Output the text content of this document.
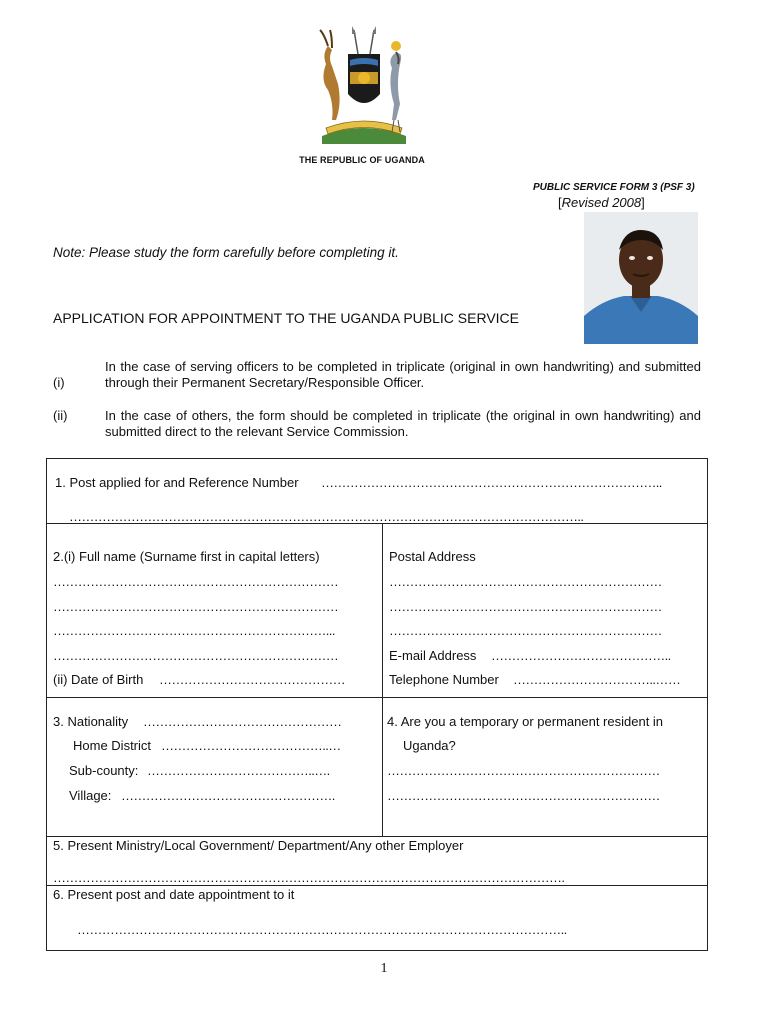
THE REPUBLIC OF UGANDA
PUBLIC SERVICE FORM 3 (PSF 3)
[Revised 2008]
Note: Please study the form carefully before completing it.
APPLICATION FOR APPOINTMENT TO THE UGANDA PUBLIC SERVICE
(i)
In the case of serving officers to be completed in triplicate (original in own handwriting) and submitted through their Permanent Secretary/Responsible Officer.
(ii)	In the case of others, the form should be completed in triplicate (the original in own handwriting) and submitted direct to the relevant Service Commission.
1. Post applied for and Reference Number ………………………………………………………………………..
……………………………………………………………………………………………………………..
2.(i) Full name (Surname first in capital letters)
……………………………………………………………
……………………………………………………………
…………………………………………………………...
……………………………………………………………
(ii) Date of Birth ………………………………………
Postal Address
…………………………………………………………
…………………………………………………………
…………………………………………………………
E-mail Address ……………………………………..
Telephone Number ……………………………..……
3. Nationality …………………………………………
Home District …………………………………..…
Sub-county: …………………………………..….
Village: …………………………………………….
4. Are you a temporary or permanent resident in
Uganda?
…………………………………………………………
…………………………………………………………
5. Present Ministry/Local Government/ Department/Any other Employer
…………………………………………………………………………………………………………….
6. Present post and date appointment to it
………………………………………………………………………………………………………..
1
